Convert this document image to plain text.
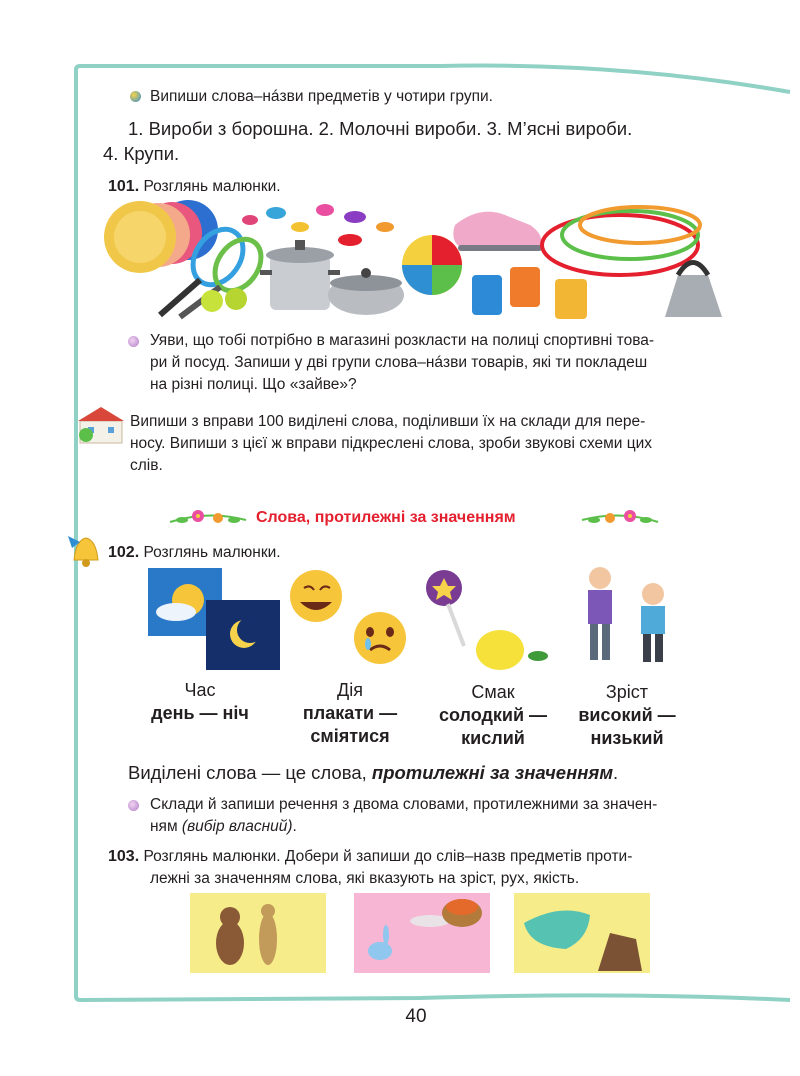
Випиши слова–нáзви предметів у чотири групи.
1. Вироби з борошна. 2. Молочні вироби. 3. М’ясні вироби.
4. Крупи.
101. Розглянь малюнки.
Уяви, що тобі потрібно в магазині розкласти на полиці спортивні това-
ри й посуд. Запиши у дві групи слова–нáзви товарів, які ти покладеш
на різні полиці. Що «зайве»?
Випиши з вправи 100 виділені слова, поділивши їх на склади для пере-
носу. Випиши з цієї ж вправи підкреслені слова, зроби звукові схеми цих
слів.
Слова, протилежні за значенням
102. Розглянь малюнки.
Час
день — ніч
Дія
плакати —
сміятися
Смак
солодкий —
кислий
Зріст
високий —
низький
Виділені слова — це слова, протилежні за значенням.
Склади й запиши речення з двома словами, протилежними за значен-
ням (вибір власний).
103. Розглянь малюнки. Добери й запиши до слів–назв предметів проти-
лежні за значенням слова, які вказують на зріст, рух, якість.
40
